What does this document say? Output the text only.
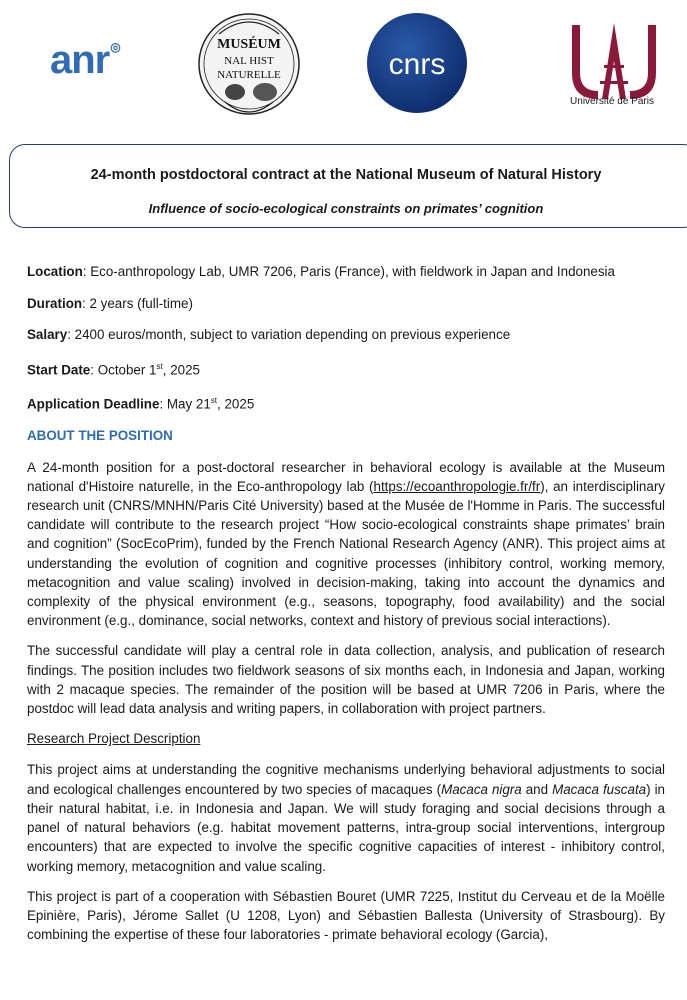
anr◎	MUSÉUM
NAL HIST
NATURELLE	cnrs
Université de Paris
24-month postdoctoral contract at the National Museum of Natural History
Influence of socio-ecological constraints on primates’ cognition
Location: Eco-anthropology Lab, UMR 7206, Paris (France), with fieldwork in Japan and Indonesia
Duration: 2 years (full-time)
Salary: 2400 euros/month, subject to variation depending on previous experience
Start Date: October 1st, 2025
Application Deadline: May 21st, 2025
ABOUT THE POSITION

A 24-month position for a post-doctoral researcher in behavioral ecology is available at the Museum national d'Histoire naturelle, in the Eco-anthropology lab (https://ecoanthropologie.fr/fr), an interdisciplinary research unit (CNRS/MNHN/Paris Cité University) based at the Musée de l'Homme in Paris. The successful candidate will contribute to the research project “How socio-ecological constraints shape primates’ brain and cognition” (SocEcoPrim), funded by the French National Research Agency (ANR). This project aims at understanding the evolution of cognition and cognitive processes (inhibitory control, working memory, metacognition and value scaling) involved in decision-making, taking into account the dynamics and complexity of the physical environment (e.g., seasons, topography, food availability) and the social environment (e.g., dominance, social networks, context and history of previous social interactions).

The successful candidate will play a central role in data collection, analysis, and publication of research findings. The position includes two fieldwork seasons of six months each, in Indonesia and Japan, working with 2 macaque species. The remainder of the position will be based at UMR 7206 in Paris, where the postdoc will lead data analysis and writing papers, in collaboration with project partners.

Research Project Description

This project aims at understanding the cognitive mechanisms underlying behavioral adjustments to social and ecological challenges encountered by two species of macaques (Macaca nigra and Macaca fuscata) in their natural habitat, i.e. in Indonesia and Japan. We will study foraging and social decisions through a panel of natural behaviors (e.g. habitat movement patterns, intra-group social interventions, intergroup encounters) that are expected to involve the specific cognitive capacities of interest - inhibitory control, working memory, metacognition and value scaling.

This project is part of a cooperation with Sébastien Bouret (UMR 7225, Institut du Cerveau et de la Moëlle Epinière, Paris), Jérome Sallet (U 1208, Lyon) and Sébastien Ballesta (University of Strasbourg). By combining the expertise of these four laboratories - primate behavioral ecology (Garcia),
